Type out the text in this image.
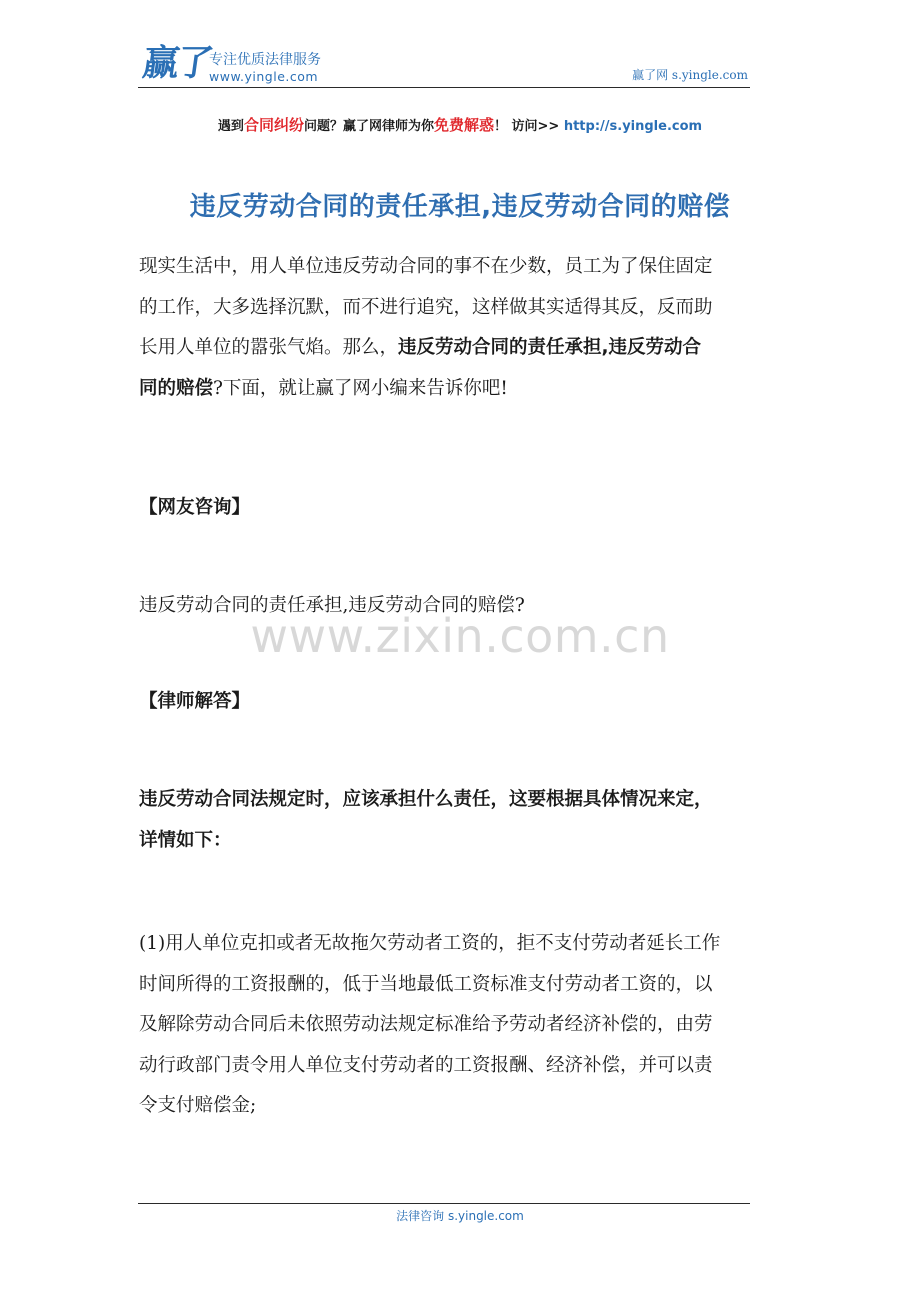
赢了
专注优质法律服务
www.yingle.com	赢了网 s.yingle.com
遇到合同纠纷问题？赢了网律师为你免费解惑！ 访问>> http://s.yingle.com
违反劳动合同的责任承担,违反劳动合同的赔偿
现实生活中，用人单位违反劳动合同的事不在少数，员工为了保住固定
的工作，大多选择沉默，而不进行追究，这样做其实适得其反，反而助
长用人单位的嚣张气焰。那么，违反劳动合同的责任承担,违反劳动合
同的赔偿?下面，就让赢了网小编来告诉你吧!
【网友咨询】
违反劳动合同的责任承担,违反劳动合同的赔偿?
www.zixin.com.cn
【律师解答】
违反劳动合同法规定时，应该承担什么责任，这要根据具体情况来定，
详情如下：
(1)用人单位克扣或者无故拖欠劳动者工资的，拒不支付劳动者延长工作
时间所得的工资报酬的，低于当地最低工资标准支付劳动者工资的，以
及解除劳动合同后未依照劳动法规定标准给予劳动者经济补偿的，由劳
动行政部门责令用人单位支付劳动者的工资报酬、经济补偿，并可以责
令支付赔偿金;
法律咨询 s.yingle.com
